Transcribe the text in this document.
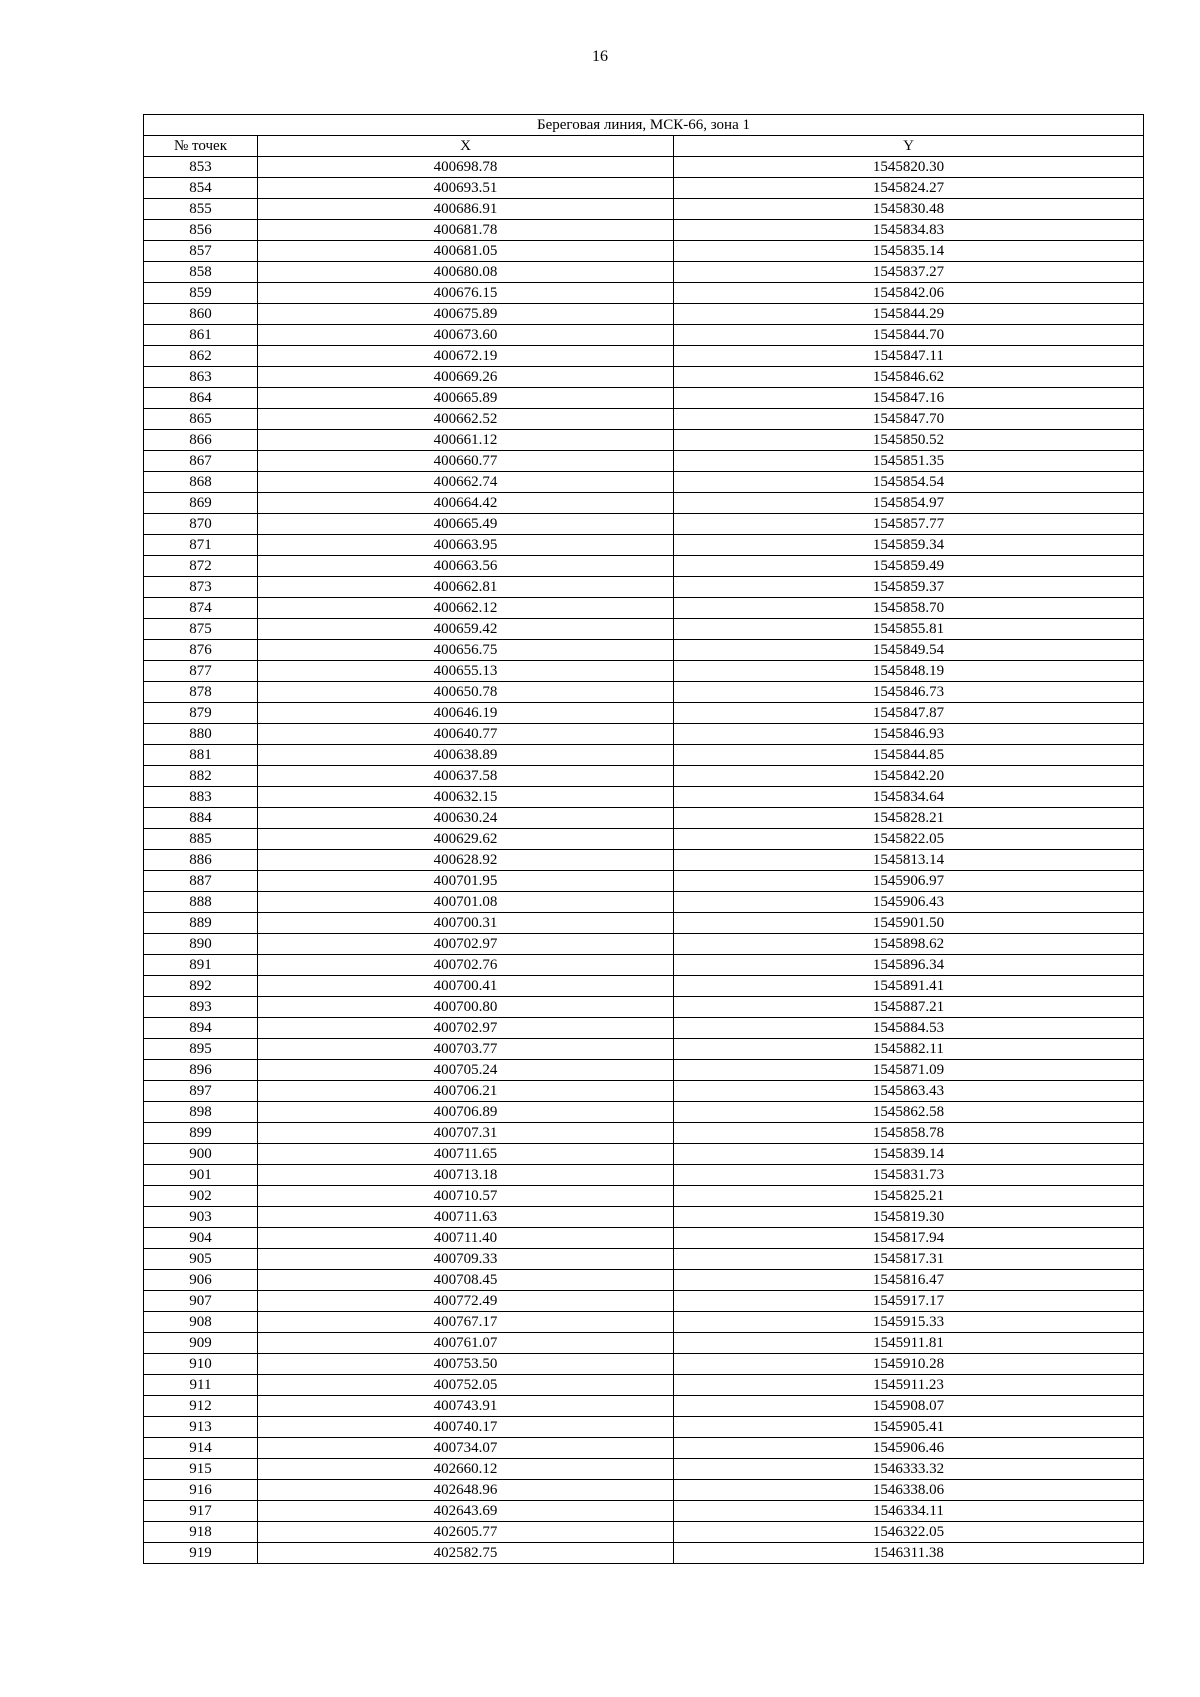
16
Береговая линия, МСК-66, зона 1		
№ точек	X	Y
853	400698.78	1545820.30
854	400693.51	1545824.27
855	400686.91	1545830.48
856	400681.78	1545834.83
857	400681.05	1545835.14
858	400680.08	1545837.27
859	400676.15	1545842.06
860	400675.89	1545844.29
861	400673.60	1545844.70
862	400672.19	1545847.11
863	400669.26	1545846.62
864	400665.89	1545847.16
865	400662.52	1545847.70
866	400661.12	1545850.52
867	400660.77	1545851.35
868	400662.74	1545854.54
869	400664.42	1545854.97
870	400665.49	1545857.77
871	400663.95	1545859.34
872	400663.56	1545859.49
873	400662.81	1545859.37
874	400662.12	1545858.70
875	400659.42	1545855.81
876	400656.75	1545849.54
877	400655.13	1545848.19
878	400650.78	1545846.73
879	400646.19	1545847.87
880	400640.77	1545846.93
881	400638.89	1545844.85
882	400637.58	1545842.20
883	400632.15	1545834.64
884	400630.24	1545828.21
885	400629.62	1545822.05
886	400628.92	1545813.14
887	400701.95	1545906.97
888	400701.08	1545906.43
889	400700.31	1545901.50
890	400702.97	1545898.62
891	400702.76	1545896.34
892	400700.41	1545891.41
893	400700.80	1545887.21
894	400702.97	1545884.53
895	400703.77	1545882.11
896	400705.24	1545871.09
897	400706.21	1545863.43
898	400706.89	1545862.58
899	400707.31	1545858.78
900	400711.65	1545839.14
901	400713.18	1545831.73
902	400710.57	1545825.21
903	400711.63	1545819.30
904	400711.40	1545817.94
905	400709.33	1545817.31
906	400708.45	1545816.47
907	400772.49	1545917.17
908	400767.17	1545915.33
909	400761.07	1545911.81
910	400753.50	1545910.28
911	400752.05	1545911.23
912	400743.91	1545908.07
913	400740.17	1545905.41
914	400734.07	1545906.46
915	402660.12	1546333.32
916	402648.96	1546338.06
917	402643.69	1546334.11
918	402605.77	1546322.05
919	402582.75	1546311.38
